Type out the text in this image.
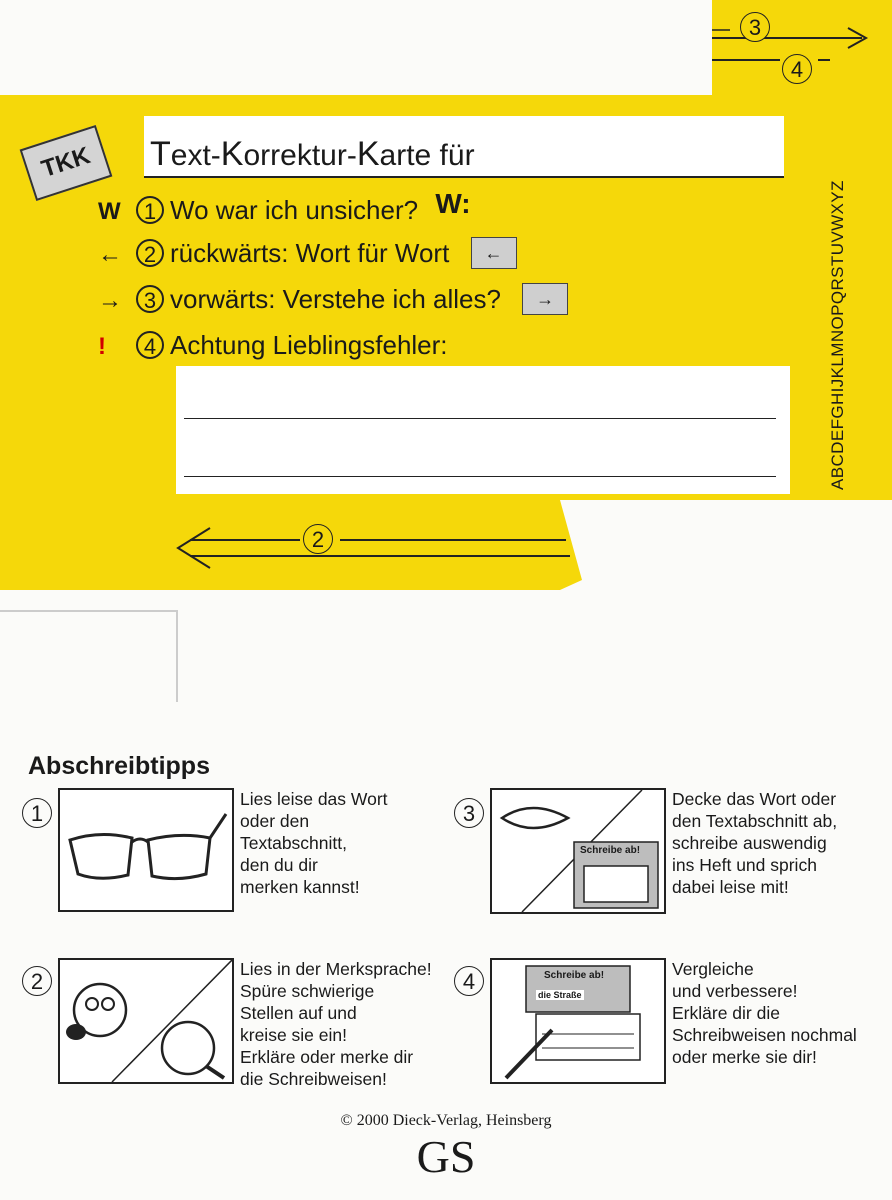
3
4
2
TKK	Text-Korrektur-Karte für
W 1 Wo war ich unsicher? W:
← 2 rückwärts: Wort für Wort ←
→ 3 vorwärts: Verstehe ich alles? →
! 4 Achtung Lieblingsfehler:	ABCDEFGHIJKLMNOPQRSTUVWXYZ
Abschreibtipps
1
Lies leise das Wort
oder den
Textabschnitt,
den du dir
merken kannst!
2	Lies in der Merksprache!
Spüre schwierige
Stellen auf und
kreise sie ein!
Erkläre oder merke dir
die Schreibweisen!
3
Schreibe ab!
Decke das Wort oder
den Textabschnitt ab,
schreibe auswendig
ins Heft und sprich
dabei leise mit!
4	Schreibe ab!
die Straße
Vergleiche
und verbessere!
Erkläre dir die
Schreibweisen nochmal
oder merke sie dir!
© 2000 Dieck-Verlag, Heinsberg
GS
